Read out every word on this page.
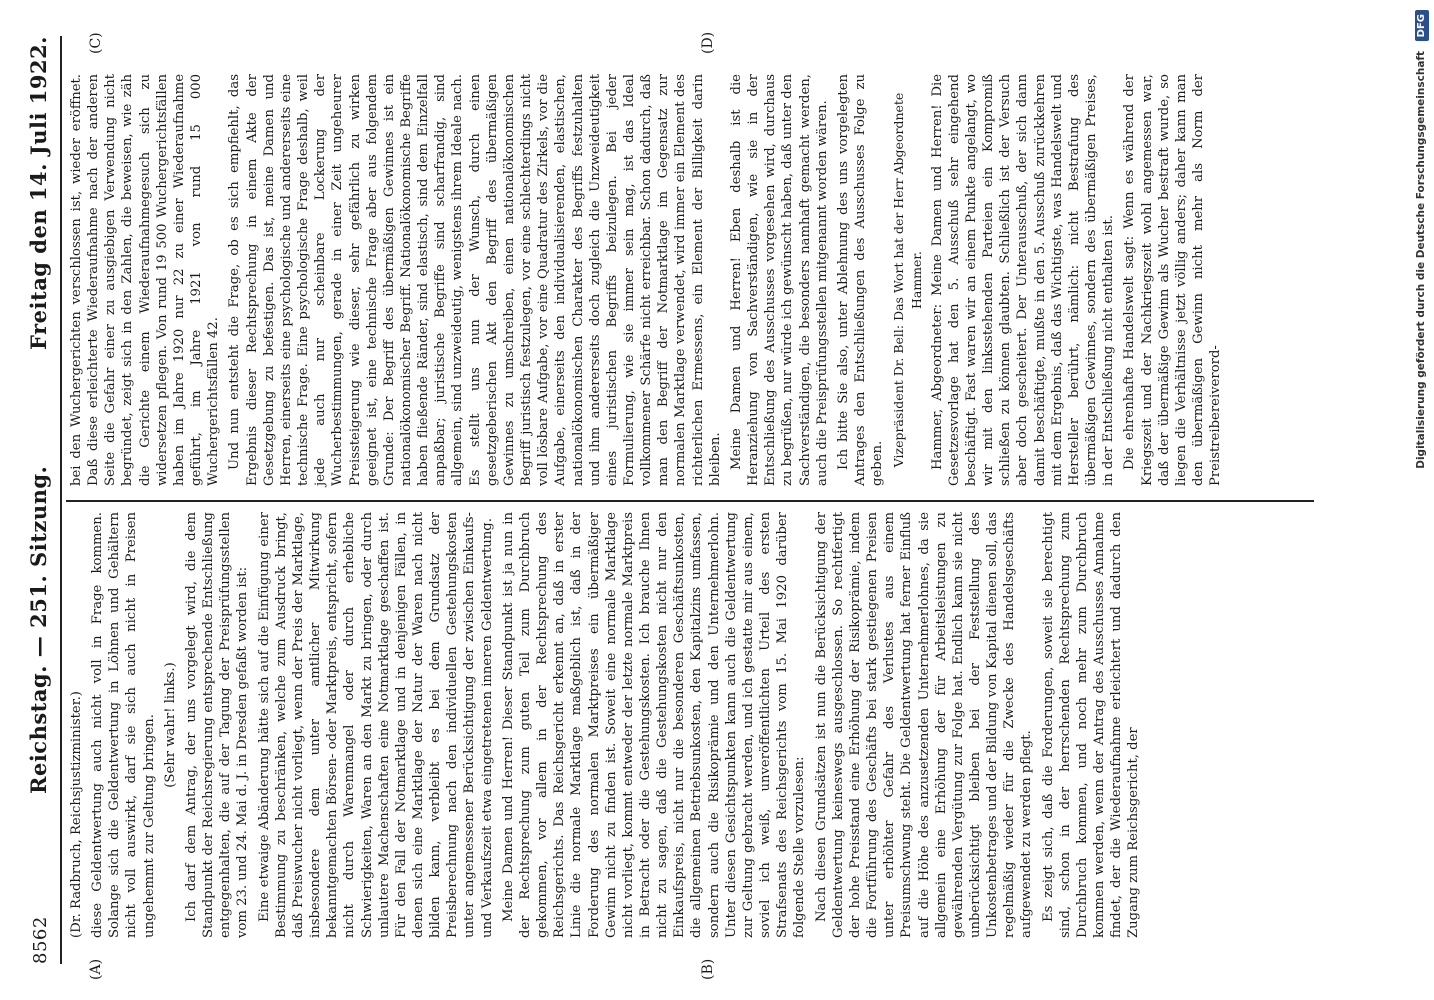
8562
Reichstag. — 251. Sitzung.
Freitag den 14. Juli 1922.
(A)	(B)
(C)	(D)

(Dr. Radbruch, Reichsjustizminister.) diese Geldentwertung auch nicht voll in Frage kommen. Solange sich die Geldentwertung in Löhnen und Gehältern nicht voll auswirkt, darf sie sich auch nicht in Preisen ungehemmt zur Geltung bringen. (Sehr wahr! links.) Ich darf dem Antrag, der uns vorgelegt wird, die dem Standpunkt der Reichsregierung entsprechende Entschließung entgegenhalten, die auf der Tagung der Preisprüfungsstellen vom 23. und 24. Mai d. J. in Dresden gefaßt worden ist: Eine etwaige Abänderung hätte sich auf die Einfügung einer Bestimmung zu beschränken, welche zum Ausdruck bringt, daß Preiswucher nicht vorliegt, wenn der Preis der Marktlage, insbesondere dem unter amtlicher Mitwirkung bekanntgemachten Börsen- oder Marktpreis, entspricht, sofern nicht durch Warenmangel oder durch erhebliche Schwierigkeiten, Waren an den Markt zu bringen, oder durch unlautere Machenschaften eine Notmarktlage geschaffen ist. Für den Fall der Notmarktlage und in denjenigen Fällen, in denen sich eine Marktlage der Natur der Waren nach nicht bilden kann, verbleibt es bei dem Grundsatz der Preisberechnung nach den individuellen Gestehungskosten unter angemessener Berücksichtigung der zwischen Einkaufs- und Verkaufszeit etwa eingetretenen inneren Geldentwertung. Meine Damen und Herren! Dieser Standpunkt ist ja nun in der Rechtsprechung zum guten Teil zum Durchbruch gekommen, vor allem in der Rechtsprechung des Reichsgerichts. Das Reichsgericht erkennt an, daß in erster Linie die normale Marktlage maßgeblich ist, daß in der Forderung des normalen Marktpreises ein übermäßiger Gewinn nicht zu finden ist. Soweit eine normale Marktlage nicht vorliegt, kommt entweder der letzte normale Marktpreis in Betracht oder die Gestehungskosten. Ich brauche Ihnen nicht zu sagen, daß die Gestehungskosten nicht nur den Einkaufspreis, nicht nur die besonderen Geschäftsunkosten, die allgemeinen Betriebsunkosten, den Kapitalzins umfassen, sondern auch die Risikoprämie und den Unternehmerlohn. Unter diesen Gesichtspunkten kann auch die Geldentwertung zur Geltung gebracht werden, und ich gestatte mir aus einem, soviel ich weiß, unveröffentlichten Urteil des ersten Strafsenats des Reichsgerichts vom 15. Mai 1920 darüber folgende Stelle vorzulesen: Nach diesen Grundsätzen ist nun die Berücksichtigung der Geldentwertung keineswegs ausgeschlossen. So rechtfertigt der hohe Preisstand eine Erhöhung der Risikoprämie, indem die Fortführung des Geschäfts bei stark gestiegenen Preisen unter erhöhter Gefahr des Verlustes aus einem Preisumschwung steht. Die Geldentwertung hat ferner Einfluß auf die Höhe des anzusetzenden Unternehmerlohnes, da sie allgemein eine Erhöhung der für Arbeitsleistungen zu gewährenden Vergütung zur Folge hat. Endlich kann sie nicht unberücksichtigt bleiben bei der Feststellung des Unkostenbetrages und der Bildung von Kapital dienen soll, das regelmäßig wieder für die Zwecke des Handelsgeschäfts aufgewendet zu werden pflegt. Es zeigt sich, daß die Forderungen, soweit sie berechtigt sind, schon in der herrschenden Rechtsprechung zum Durchbruch kommen, und noch mehr zum Durchbruch kommen werden, wenn der Antrag des Ausschusses Annahme findet, der die Wiederaufnahme erleichtert und dadurch den Zugang zum Reichsgericht, der

bei den Wuchergerichten verschlossen ist, wieder eröffnet. Daß diese erleichterte Wiederaufnahme nach der anderen Seite die Gefahr einer zu ausgiebigen Verwendung nicht begründet, zeigt sich in den Zahlen, die beweisen, wie zäh die Gerichte einem Wiederaufnahmegesuch sich zu widersetzen pflegen. Von rund 19 500 Wuchergerichtsfällen haben im Jahre 1920 nur 22 zu einer Wiederaufnahme geführt, im Jahre 1921 von rund 15 000 Wuchergerichtsfällen 42. Und nun entsteht die Frage, ob es sich empfiehlt, das Ergebnis dieser Rechtsprechung in einem Akte der Gesetzgebung zu befestigen. Das ist, meine Damen und Herren, einerseits eine psychologische und andererseits eine technische Frage. Eine psychologische Frage deshalb, weil jede auch nur scheinbare Lockerung der Wucherbestimmungen, gerade in einer Zeit ungeheurer Preissteigerung wie dieser, sehr gefährlich zu wirken geeignet ist, eine technische Frage aber aus folgendem Grunde: Der Begriff des übermäßigen Gewinnes ist ein nationalökonomischer Begriff. Nationalökonomische Begriffe haben fließende Ränder, sind elastisch, sind dem Einzelfall anpaßbar; juristische Begriffe sind scharfrandig, sind allgemein, sind unzweideutig, wenigstens ihrem Ideale nach. Es stellt uns nun der Wunsch, durch einen gesetzgeberischen Akt den Begriff des übermäßigen Gewinnes zu umschreiben, einen nationalökonomischen Begriff juristisch festzulegen, vor eine schlechterdings nicht voll lösbare Aufgabe, vor eine Quadratur des Zirkels, vor die Aufgabe, einerseits den individualisierenden, elastischen, nationalökonomischen Charakter des Begriffs festzuhalten und ihm andererseits doch zugleich die Unzweideutigkeit eines juristischen Begriffs beizulegen. Bei jeder Formulierung, wie sie immer sein mag, ist das Ideal vollkommener Schärfe nicht erreichbar. Schon dadurch, daß man den Begriff der Notmarktlage im Gegensatz zur normalen Marktlage verwendet, wird immer ein Element des richterlichen Ermessens, ein Element der Billigkeit darin bleiben. Meine Damen und Herren! Eben deshalb ist die Heranziehung von Sachverständigen, wie sie in der Entschließung des Ausschusses vorgesehen wird, durchaus zu begrüßen, nur würde ich gewünscht haben, daß unter den Sachverständigen, die besonders namhaft gemacht werden, auch die Preisprüfungsstellen mitgenannt worden wären. Ich bitte Sie also, unter Ablehnung des uns vorgelegten Antrages den Entschließungen des Ausschusses Folge zu geben. Vizepräsident Dr. Bell: Das Wort hat der Herr Abgeordnete Hammer. Hammer, Abgeordneter: Meine Damen und Herren! Die Gesetzesvorlage hat den 5. Ausschuß sehr eingehend beschäftigt. Fast waren wir an einem Punkte angelangt, wo wir mit den linksstehenden Parteien ein Kompromiß schließen zu können glaubten. Schließlich ist der Versuch aber doch gescheitert. Der Unterausschuß, der sich dann damit beschäftigte, mußte in den 5. Ausschuß zurückkehren mit dem Ergebnis, daß das Wichtigste, was Handelswelt und Hersteller berührt, nämlich: nicht Bestrafung des übermäßigen Gewinnes, sondern des übermäßigen Preises, in der Entschließung nicht enthalten ist. Die ehrenhafte Handelswelt sagt: Wenn es während der Kriegszeit und der Nachkriegszeit wohl angemessen war, daß der übermäßige Gewinn als Wucher bestraft wurde, so liegen die Verhältnisse jetzt völlig anders; daher kann man den übermäßigen Gewinn nicht mehr als Norm der Preistreibereiverord-	Digitalisierung gefördert durch die Deutsche Forschungsgemeinschaft DFG
